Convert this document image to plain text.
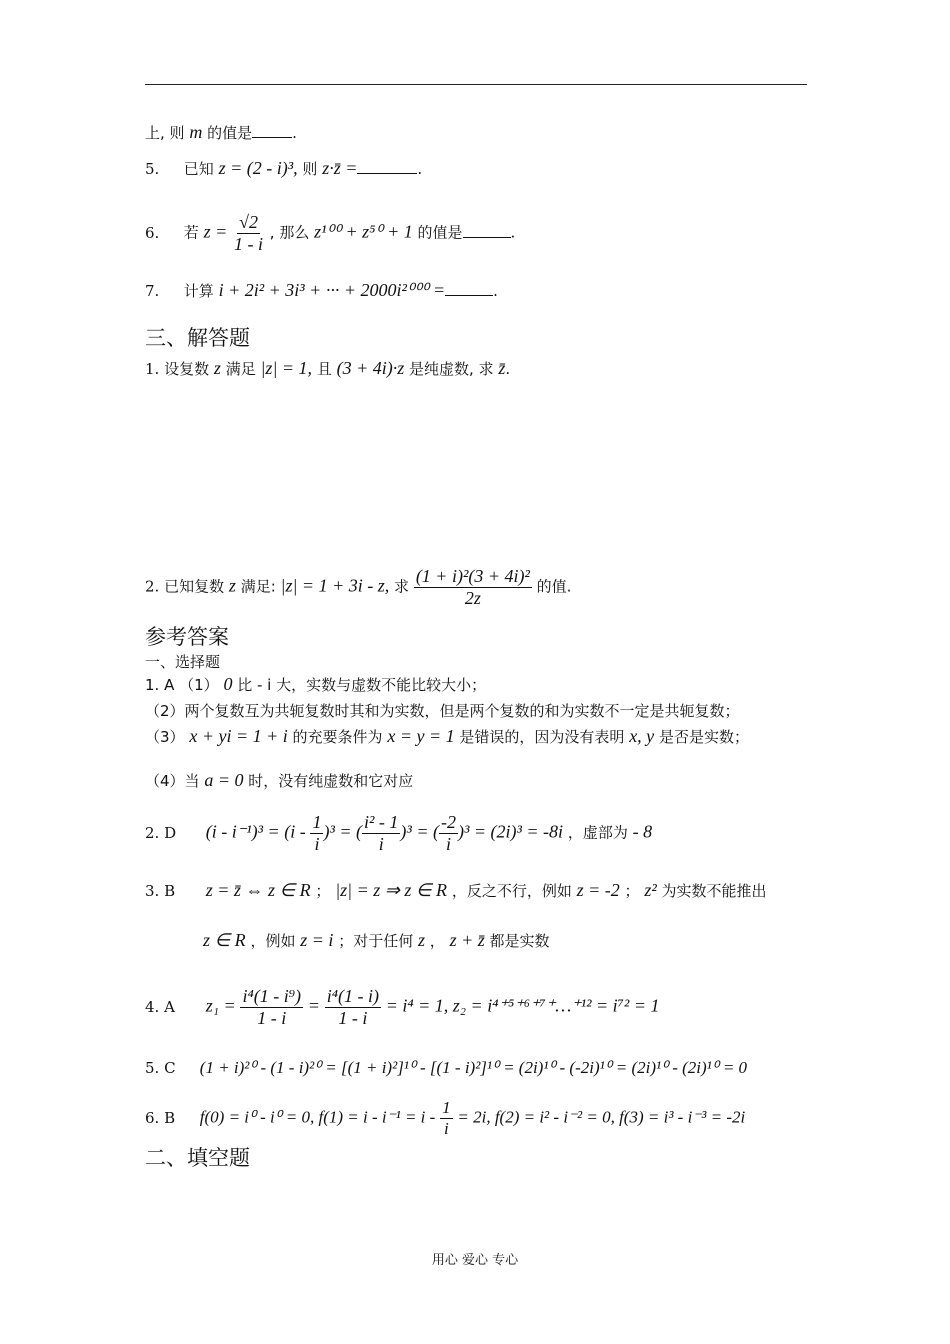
上, 则 m 的值是	.
5. 已知 z = (2 - i)³, 则 z·z̄ =	.
6. 若 $z = \frac{√2}{1 - i}$ , 那么 z¹⁰⁰ + z⁵⁰ + 1 的值是	.
7. 计算 i + 2i² + 3i³ + ··· + 2000i²⁰⁰⁰ =	.
三、解答题
1. 设复数 z 满足 |z| = 1, 且 (3 + 4i)·z 是纯虚数, 求 z̄.
2. 已知复数 z 满足: |z| = 1 + 3i - z, 求 $\frac{\text{(1 + i)²(3 + 4i)²}}{2z}$ 的值.
参考答案
一、选择题
1. A （1） 0 比 - i 大，实数与虚数不能比较大小；
（2）两个复数互为共轭复数时其和为实数，但是两个复数的和为实数不一定是共轭复数；
（3） x + yi = 1 + i 的充要条件为 x = y = 1 是错误的，因为没有表明 x, y 是否是实数；
（4）当 a = 0 时，没有纯虚数和它对应
2. D $(i - i^{-1})^3 = (i - \frac{1}{i} )^3$ = ( $\frac{\text{i² - 1}}{i} )^3$ = ( $\frac{-2}{i} )^3 = (2i)^3 = -8i$ ，虚部为 - 8
3. B z = z̄ ⇔ z ∈ R ； |z| = z ⇒ z ∈ R ，反之不行，例如 z = -2 ； z² 为实数不能推出
z ∈ R ，例如 z = i ；对于任何 z ， z + z̄ 都是实数
4. A $z_1 = \frac{\text{i⁴(1 - i⁹)}}{1 - i} = \frac{\text{i⁴(1 - i)}}{1 - i} = i^4 = 1$, z₂ = i⁴⁺⁵⁺⁶⁺⁷⁺…⁺¹² = i⁷² = 1
5. C (1 + i)²⁰ - (1 - i)²⁰ = [(1 + i)²]¹⁰ - [(1 - i)²]¹⁰ = (2i)¹⁰ - (-2i)¹⁰ = (2i)¹⁰ - (2i)¹⁰ = 0
6. B f(0) = i⁰ - i⁰ = 0, $f(1) = i - i^{-1} = i - \frac{1}{i} = 2i$, f(2) = i² - i⁻² = 0, f(3) = i³ - i⁻³ = -2i
二、填空题
用心 爱心 专心
